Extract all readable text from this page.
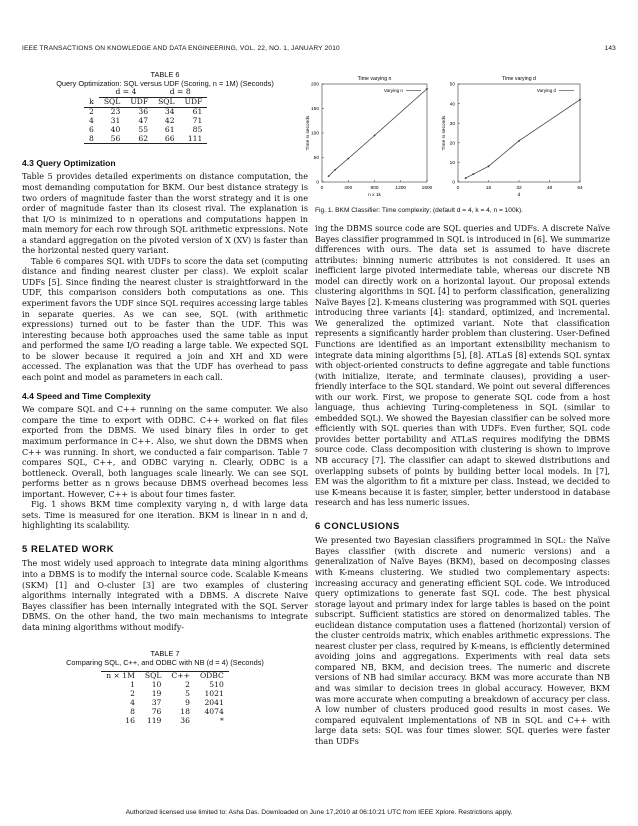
IEEE TRANSACTIONS ON KNOWLEDGE AND DATA ENGINEERING, VOL. 22, NO. 1, JANUARY 2010	143
TABLE 6
Query Optimization: SQL versus UDF (Scoring, n = 1M) (Seconds)
	d = 4		d = 8	
k	SQL	UDF	SQL	UDF
2	23	36	34	61
4	31	47	42	71
6	40	55	61	85
8	56	62	66	111
4.3 Query Optimization

Table 5 provides detailed experiments on distance computation, the most demanding computation for BKM. Our best distance strategy is two orders of magnitude faster than the worst strategy and it is one order of magnitude faster than its closest rival. The explanation is that I/O is minimized to n operations and computations happen in main memory for each row through SQL arithmetic expressions. Note a standard aggregation on the pivoted version of X (XV) is faster than the horizontal nested query variant.

Table 6 compares SQL with UDFs to score the data set (computing distance and finding nearest cluster per class). We exploit scalar UDFs [5]. Since finding the nearest cluster is straightforward in the UDF, this comparison considers both computations as one. This experiment favors the UDF since SQL requires accessing large tables in separate queries. As we can see, SQL (with arithmetic expressions) turned out to be faster than the UDF. This was interesting because both approaches used the same table as input and performed the same I/O reading a large table. We expected SQL to be slower because it required a join and XH and XD were accessed. The explanation was that the UDF has overhead to pass each point and model as parameters in each call.

4.4 Speed and Time Complexity

We compare SQL and C++ running on the same computer. We also compare the time to export with ODBC. C++ worked on flat files exported from the DBMS. We used binary files in order to get maximum performance in C++. Also, we shut down the DBMS when C++ was running. In short, we conducted a fair comparison. Table 7 compares SQL, C++, and ODBC varying n. Clearly, ODBC is a bottleneck. Overall, both languages scale linearly. We can see SQL performs better as n grows because DBMS overhead becomes less important. However, C++ is about four times faster.

Fig. 1 shows BKM time complexity varying n, d with large data sets. Time is measured for one iteration. BKM is linear in n and d, highlighting its scalability.

5 RELATED WORK

The most widely used approach to integrate data mining algorithms into a DBMS is to modify the internal source code. Scalable K-means (SKM) [1] and O-cluster [3] are two examples of clustering algorithms internally integrated with a DBMS. A discrete Naive Bayes classifier has been internally integrated with the SQL Server DBMS. On the other hand, the two main mechanisms to integrate data mining algorithms without modify-

TABLE 7
Comparing SQL, C++, and ODBC with NB (d = 4) (Seconds)
n × 1M	SQL	C++	ODBC
1	10	2	510
2	19	5	1021
4	37	9	2041
8	76	18	4074
16	119	36	*
Time varying n
Varying n
0	400	800	1200	1600
0
50
100
150
200
n x 1k
Time in seconds
Time varying d
Varying d
0	16	32	48	64
0
10
20
30
40
50
d
Time in seconds
Fig. 1. BKM Classifier: Time complexity; (default d = 4, k = 4, n = 100k).

ing the DBMS source code are SQL queries and UDFs. A discrete Naïve Bayes classifier programmed in SQL is introduced in [6]. We summarize differences with ours. The data set is assumed to have discrete attributes: binning numeric attributes is not considered. It uses an inefficient large pivoted intermediate table, whereas our discrete NB model can directly work on a horizontal layout. Our proposal extends clustering algorithms in SQL [4] to perform classification, generalizing Naïve Bayes [2]. K-means clustering was programmed with SQL queries introducing three variants [4]: standard, optimized, and incremental. We generalized the optimized variant. Note that classification represents a significantly harder problem than clustering. User-Defined Functions are identified as an important extensibility mechanism to integrate data mining algorithms [5], [8]. ATLaS [8] extends SQL syntax with object-oriented constructs to define aggregate and table functions (with initialize, iterate, and terminate clauses), providing a user-friendly interface to the SQL standard. We point out several differences with our work. First, we propose to generate SQL code from a host language, thus achieving Turing-completeness in SQL (similar to embedded SQL). We showed the Bayesian classifier can be solved more efficiently with SQL queries than with UDFs. Even further, SQL code provides better portability and ATLaS requires modifying the DBMS source code. Class decomposition with clustering is shown to improve NB accuracy [7]. The classifier can adapt to skewed distributions and overlapping subsets of points by building better local models. In [7], EM was the algorithm to fit a mixture per class. Instead, we decided to use K-means because it is faster, simpler, better understood in database research and has less numeric issues.

6 CONCLUSIONS

We presented two Bayesian classifiers programmed in SQL: the Naïve Bayes classifier (with discrete and numeric versions) and a generalization of Naïve Bayes (BKM), based on decomposing classes with K-means clustering. We studied two complementary aspects: increasing accuracy and generating efficient SQL code. We introduced query optimizations to generate fast SQL code. The best physical storage layout and primary index for large tables is based on the point subscript. Sufficient statistics are stored on denormalized tables. The euclidean distance computation uses a flattened (horizontal) version of the cluster centroids matrix, which enables arithmetic expressions. The nearest cluster per class, required by K-means, is efficiently determined avoiding joins and aggregations. Experiments with real data sets compared NB, BKM, and decision trees. The numeric and discrete versions of NB had similar accuracy. BKM was more accurate than NB and was similar to decision trees in global accuracy. However, BKM was more accurate when computing a breakdown of accuracy per class. A low number of clusters produced good results in most cases. We compared equivalent implementations of NB in SQL and C++ with large data sets: SQL was four times slower. SQL queries were faster than UDFs

Authorized licensed use limited to: Asha Das. Downloaded on June 17,2010 at 06:10:21 UTC from IEEE Xplore. Restrictions apply.
